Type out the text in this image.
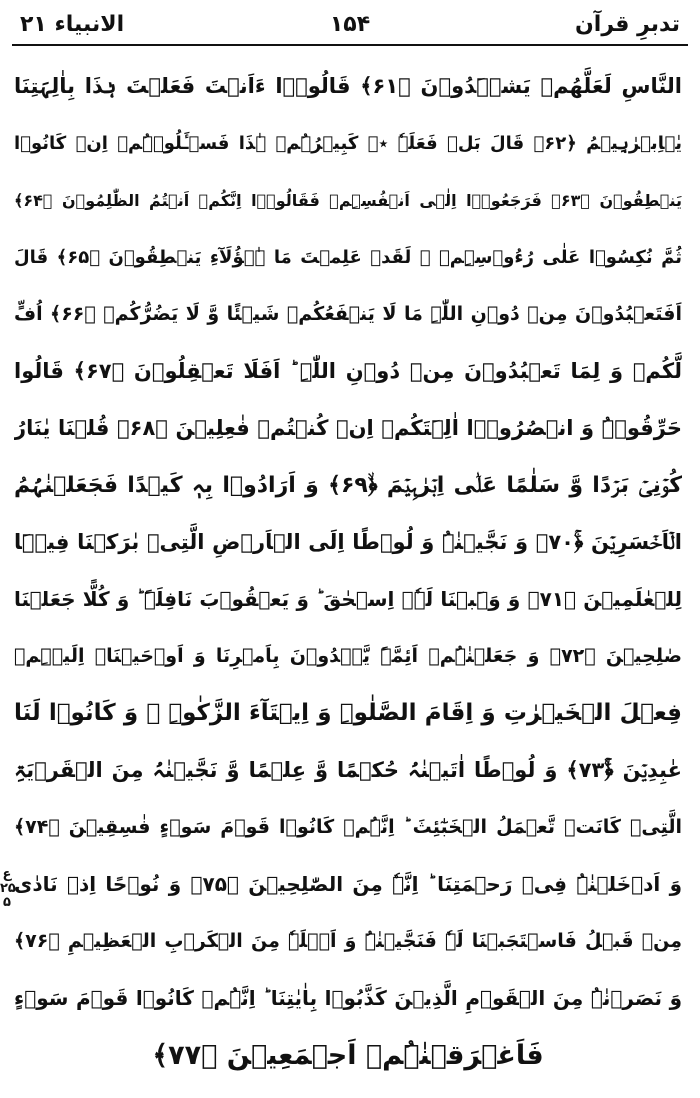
تدبرِ قرآن
۱۵۴
الانبیاء ۲۱
النَّاسِ لَعَلَّهُمۡ یَشۡہَدُوۡنَ ﴿۶۱﴾ قَالُوۡۤا ءَاَنۡتَ فَعَلۡتَ ہٰذَا بِاٰلِہَتِنَا
یٰۤاِبۡرٰہِیۡمُ ﴿۶۲﴾ قَالَ بَلۡ فَعَلَہٗ ٭ۖ کَبِیۡرُہُمۡ ہٰذَا فَسۡـَٔلُوۡہُمۡ اِنۡ کَانُوۡا
یَنۡطِقُوۡنَ ﴿۶۳﴾ فَرَجَعُوۡۤا اِلٰۤی اَنۡفُسِہِمۡ فَقَالُوۡۤا اِنَّکُمۡ اَنۡتُمُ الظّٰلِمُوۡنَ ﴿۶۴﴾
ثُمَّ نُکِسُوۡا عَلٰی رُءُوۡسِہِمۡ ۚ لَقَدۡ عَلِمۡتَ مَا ہٰۤؤُلَآءِ یَنۡطِقُوۡنَ ﴿۶۵﴾ قَالَ
اَفَتَعۡبُدُوۡنَ مِنۡ دُوۡنِ اللّٰہِ مَا لَا یَنۡفَعُکُمۡ شَیۡئًا وَّ لَا یَضُرُّکُمۡ ﴿۶۶﴾ اُفٍّ
لَّکُمۡ وَ لِمَا تَعۡبُدُوۡنَ مِنۡ دُوۡنِ اللّٰہِ ؕ اَفَلَا تَعۡقِلُوۡنَ ﴿۶۷﴾ قَالُوا
حَرِّقُوۡہُ وَ انۡصُرُوۡۤا اٰلِہَتَکُمۡ اِنۡ کُنۡتُمۡ فٰعِلِیۡنَ ﴿۶۸﴾ قُلۡنَا یٰنَارُ
کُوۡنِیۡ بَرۡدًا وَّ سَلٰمًا عَلٰۤی اِبۡرٰہِیۡمَ ﴿ۙ۶۹﴾ وَ اَرَادُوۡا بِہٖ کَیۡدًا فَجَعَلۡنٰہُمُ
الۡاَخۡسَرِیۡنَ ﴿ۚ۷۰﴾ وَ نَجَّیۡنٰہُ وَ لُوۡطًا اِلَی الۡاَرۡضِ الَّتِیۡ بٰرَکۡنَا فِیۡہَا
لِلۡعٰلَمِیۡنَ ﴿۷۱﴾ وَ وَہَبۡنَا لَہٗۤ اِسۡحٰقَ ؕ وَ یَعۡقُوۡبَ نَافِلَۃً ؕ وَ کُلًّا جَعَلۡنَا
صٰلِحِیۡنَ ﴿۷۲﴾ وَ جَعَلۡنٰہُمۡ اَئِمَّۃً یَّہۡدُوۡنَ بِاَمۡرِنَا وَ اَوۡحَیۡنَاۤ اِلَیۡہِمۡ
فِعۡلَ الۡخَیۡرٰتِ وَ اِقَامَ الصَّلٰوۃِ وَ اِیۡتَآءَ الزَّکٰوۃِ ۚ وَ کَانُوۡا لَنَا
عٰبِدِیۡنَ ﴿ۚۙ۷۳﴾ وَ لُوۡطًا اٰتَیۡنٰہُ حُکۡمًا وَّ عِلۡمًا وَّ نَجَّیۡنٰہُ مِنَ الۡقَرۡیَۃِ
الَّتِیۡ کَانَتۡ تَّعۡمَلُ الۡخَبٰٓئِثَ ؕ اِنَّہُمۡ کَانُوۡا قَوۡمَ سَوۡءٍ فٰسِقِیۡنَ ﴿۷۴﴾
وَ اَدۡخَلۡنٰہُ فِیۡ رَحۡمَتِنَا ؕ اِنَّہٗ مِنَ الصّٰلِحِیۡنَ ﴿۷۵﴾ وَ نُوۡحًا اِذۡ نَادٰی
مِنۡ قَبۡلُ فَاسۡتَجَبۡنَا لَہٗ فَنَجَّیۡنٰہُ وَ اَہۡلَہٗ مِنَ الۡکَرۡبِ الۡعَظِیۡمِ ﴿۷۶﴾
وَ نَصَرۡنٰہُ مِنَ الۡقَوۡمِ الَّذِیۡنَ کَذَّبُوۡا بِاٰیٰتِنَا ؕ اِنَّہُمۡ کَانُوۡا قَوۡمَ سَوۡءٍ
فَاَغۡرَقۡنٰہُمۡ اَجۡمَعِیۡنَ ﴿۷۷﴾
ع ۲۵ ۵
